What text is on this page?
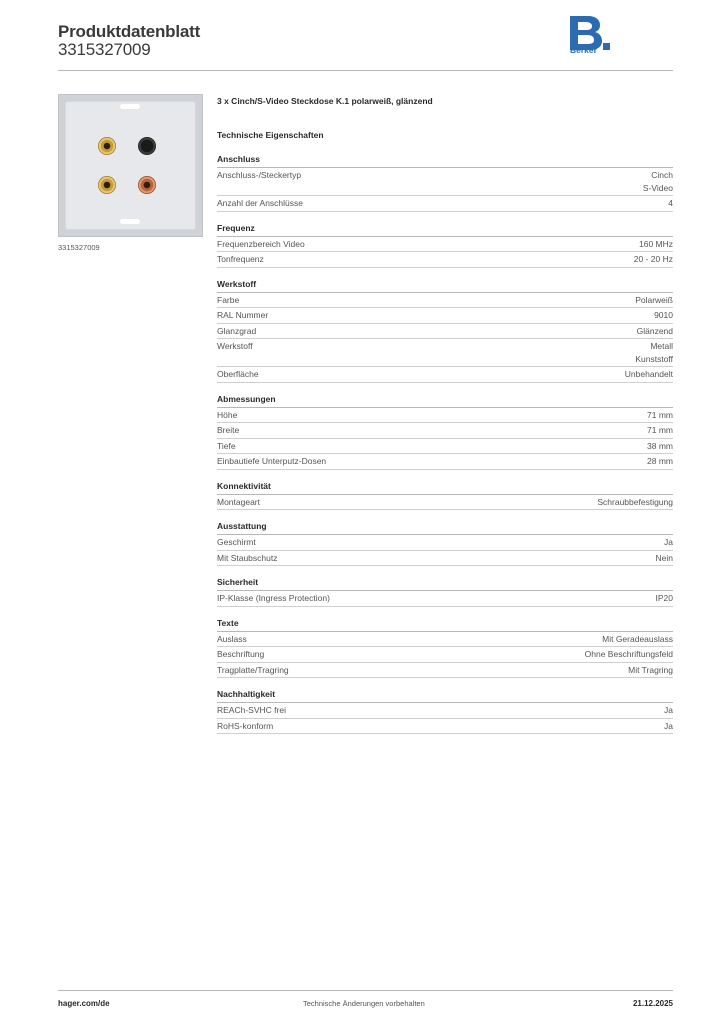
Produktdatenblatt
3315327009	Berker
3315327009
3 x Cinch/S-Video Steckdose K.1 polarweiß, glänzend
Technische Eigenschaften
Anschluss
Anschluss-/Steckertyp	Cinch
S-Video
Anzahl der Anschlüsse	4
Frequenz
Frequenzbereich Video	160 MHz
Tonfrequenz	20 - 20 Hz
Werkstoff
Farbe	Polarweiß
RAL Nummer	9010
Glanzgrad	Glänzend
Werkstoff	Metall
Kunststoff
Oberfläche	Unbehandelt
Abmessungen
Höhe	71 mm
Breite	71 mm
Tiefe	38 mm
Einbautiefe Unterputz-Dosen	28 mm
Konnektivität
Montageart	Schraubbefestigung
Ausstattung
Geschirmt	Ja
Mit Staubschutz	Nein
Sicherheit
IP-Klasse (Ingress Protection)	IP20
Texte
Auslass	Mit Geradeauslass
Beschriftung	Ohne Beschriftungsfeld
Tragplatte/Tragring	Mit Tragring
Nachhaltigkeit
REACh-SVHC frei	Ja
RoHS-konform	Ja
hager.com/de	Technische Änderungen vorbehalten	21.12.2025
